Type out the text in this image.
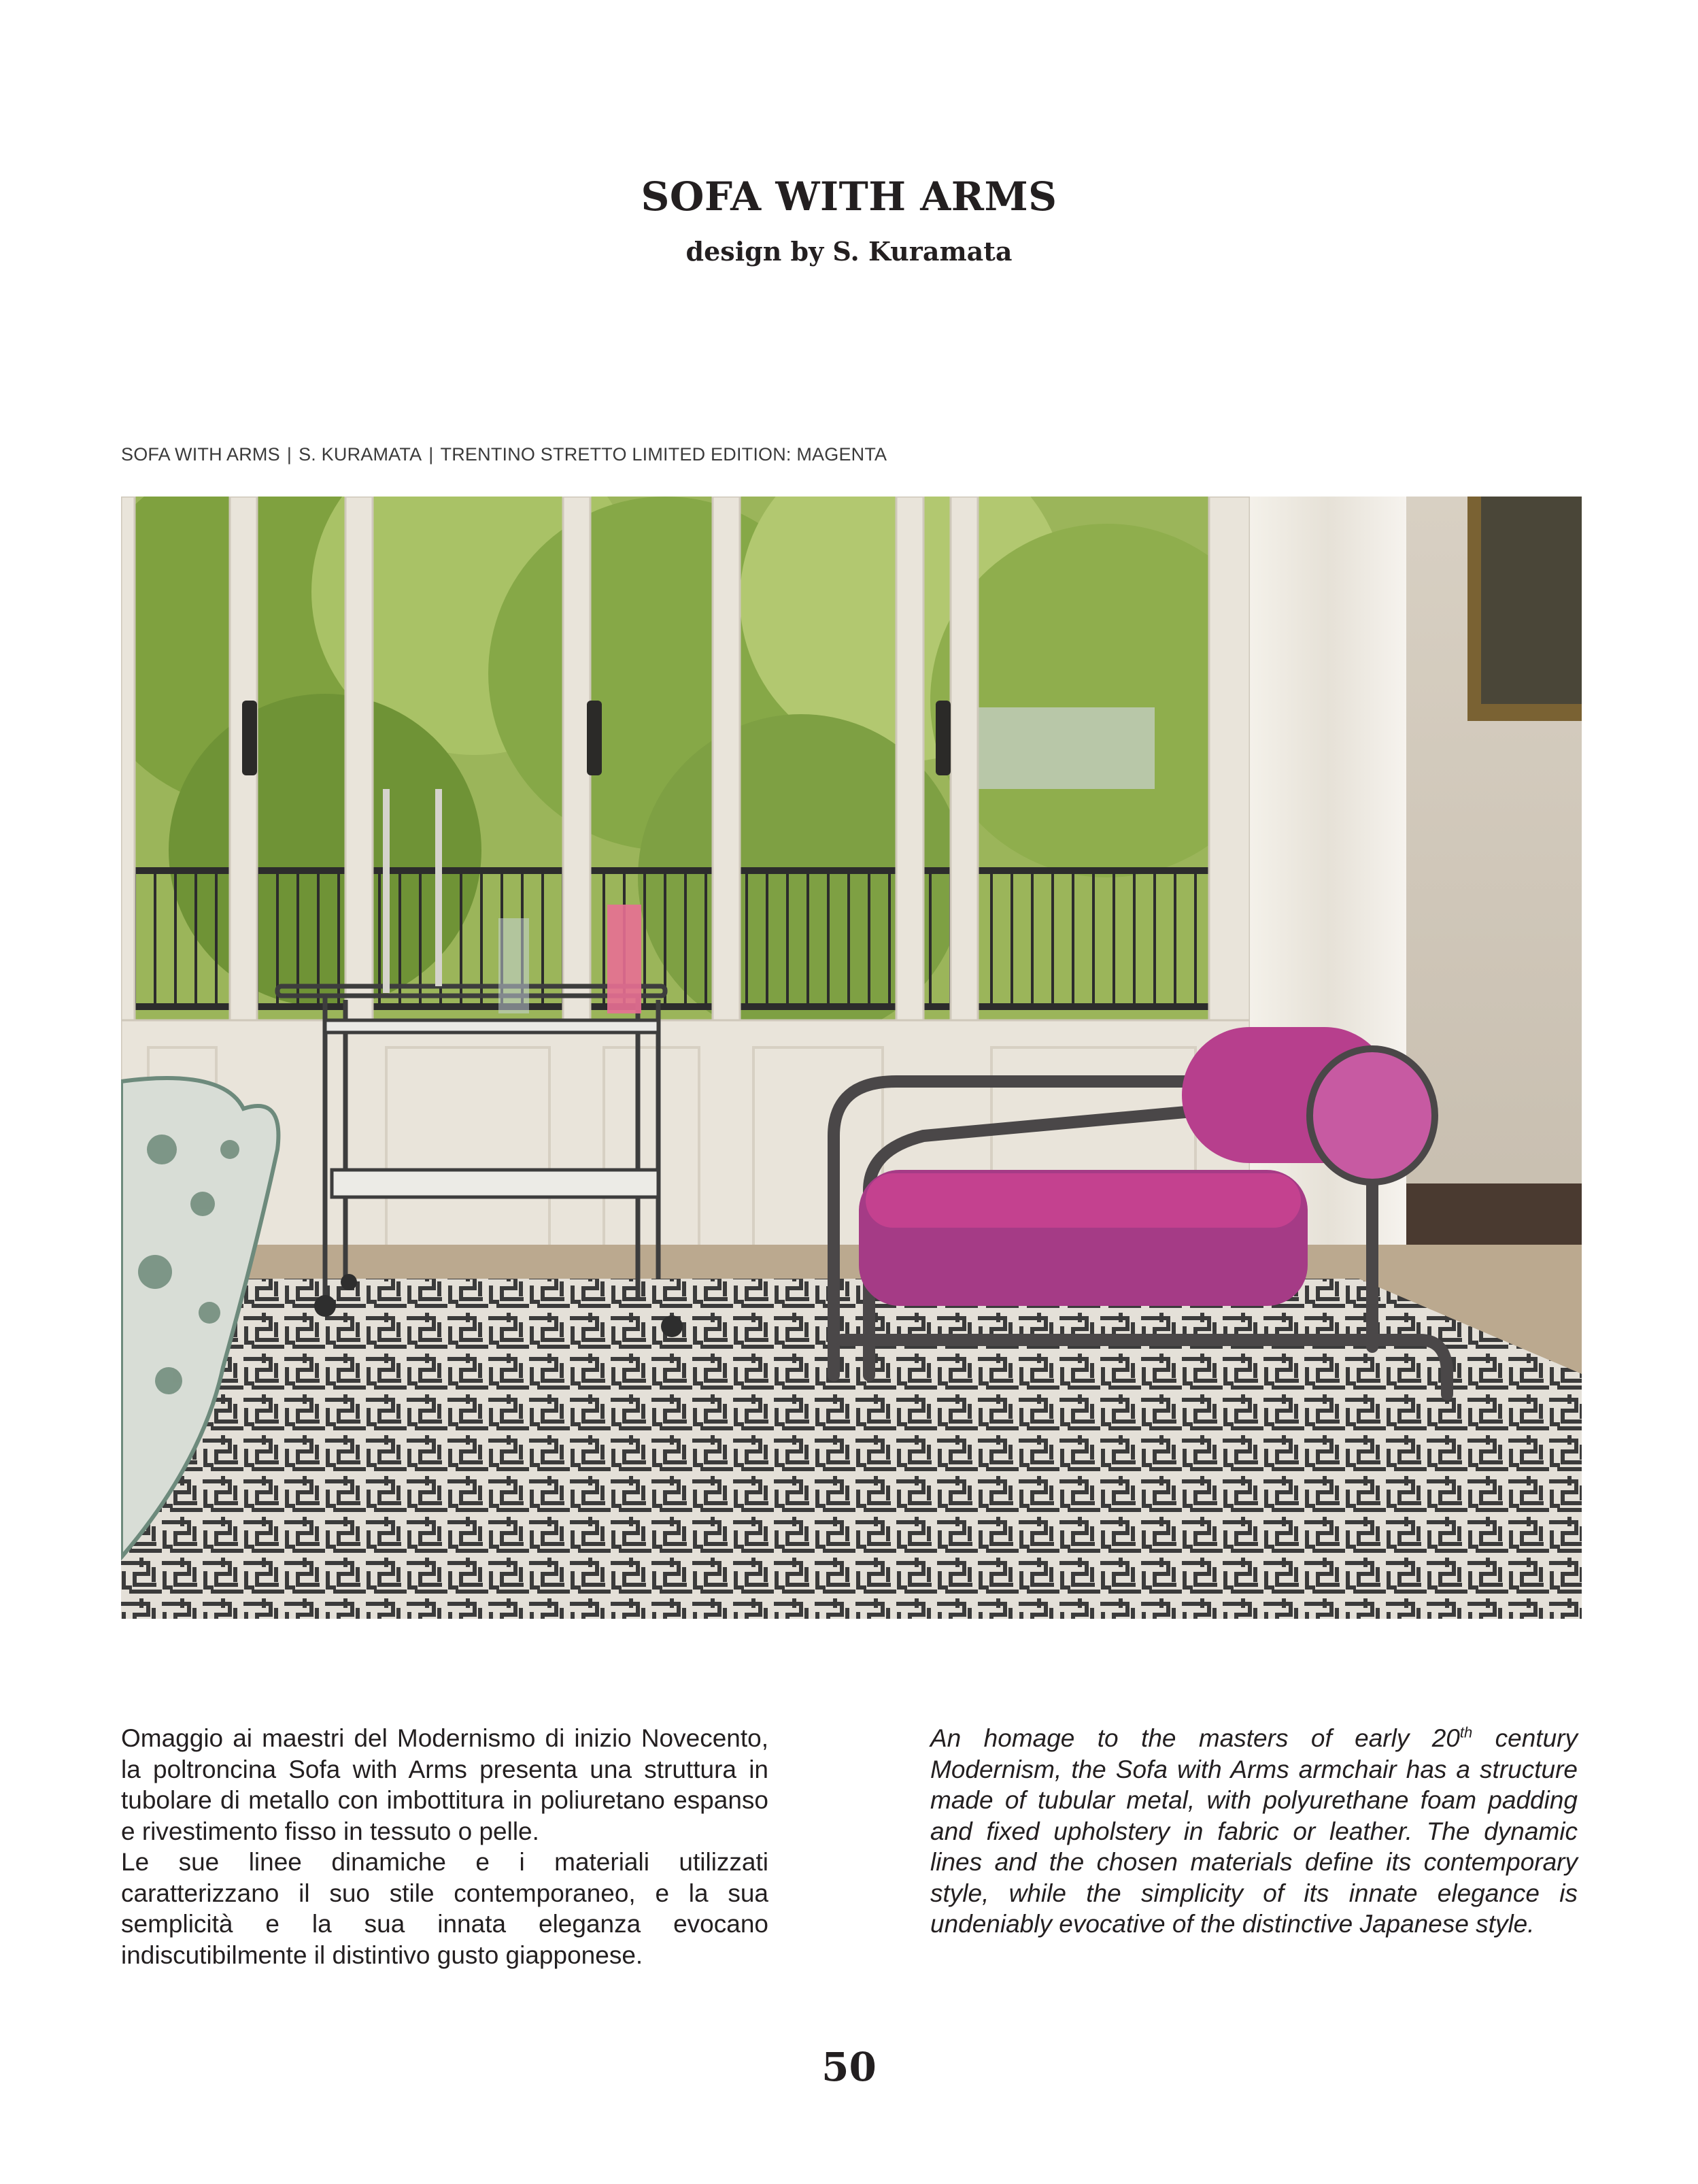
SOFA WITH ARMS
design by S. Kuramata
SOFA WITH ARMS | S. KURAMATA | TRENTINO STRETTO LIMITED EDITION: MAGENTA

Omaggio ai maestri del Modernismo di inizio Novecento, la poltroncina Sofa with Arms presenta una struttura in tubolare di metallo con imbottitura in poliuretano espanso e rivestimento fisso in tessuto o pelle.

Le sue linee dinamiche e i materiali utilizzati caratterizzano il suo stile contemporaneo, e la sua semplicità e la sua innata eleganza evocano indiscutibilmente il distintivo gusto giapponese.

An homage to the masters of early 20th century Modernism, the Sofa with Arms armchair has a structure made of tubular metal, with polyurethane foam padding and fixed upholstery in fabric or leather. The dynamic lines and the chosen materials define its contemporary style, while the simplicity of its innate elegance is undeniably evocative of the distinctive Japanese style.

50
